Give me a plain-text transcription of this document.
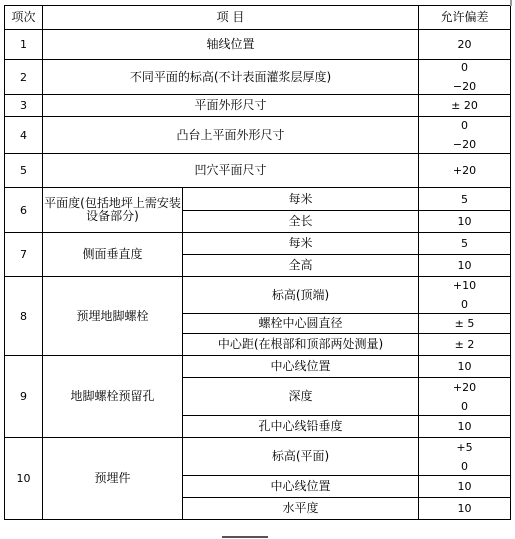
项次	项 目		允许偏差
1	轴线位置		20
2	不同平面的标高(不计表面灌浆层厚度)		0
−20

3	平面外形尺寸		± 20
4	凸台上平面外形尺寸		0
−20

5	凹穴平面尺寸		+20
6	平面度(包括地坪上需安装设备部分)	每米	5
		全长	10
7	侧面垂直度	每米	5
		全高	10
8	预埋地脚螺栓	标高(顶端)	+10
0

		螺栓中心圆直径	± 5
		中心距(在根部和顶部两处测量)	± 2
9	地脚螺栓预留孔	中心线位置	10
		深度	+20
0

		孔中心线铅垂度	10
10	预埋件	标高(平面)	+5
0

		中心线位置	10
		水平度	10
